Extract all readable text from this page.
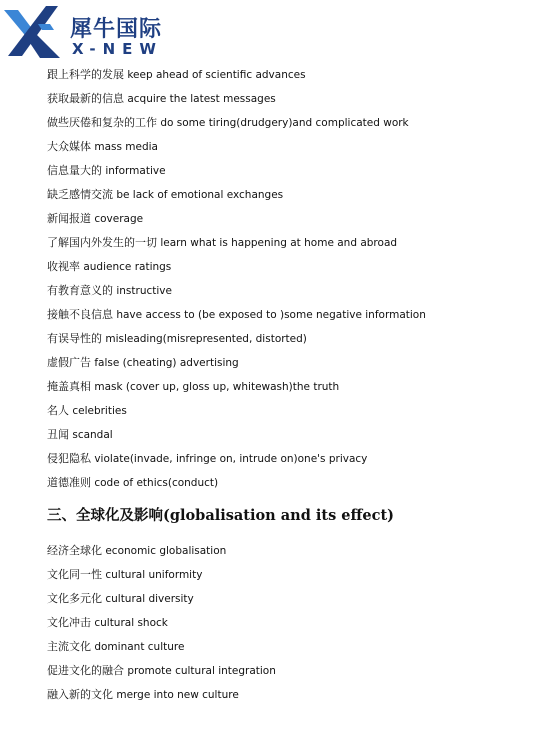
犀牛国际
X-NEW
跟上科学的发展 keep ahead of scientific advances
获取最新的信息 acquire the latest messages
做些厌倦和复杂的工作 do some tiring(drudgery)and complicated work
大众媒体 mass media
信息量大的 informative
缺乏感情交流 be lack of emotional exchanges
新闻报道 coverage
了解国内外发生的一切 learn what is happening at home and abroad
收视率 audience ratings
有教育意义的 instructive
接触不良信息 have access to (be exposed to )some negative information
有误导性的 misleading(misrepresented, distorted)
虚假广告 false (cheating) advertising
掩盖真相 mask (cover up, gloss up, whitewash)the truth
名人 celebrities
丑闻 scandal
侵犯隐私 violate(invade, infringe on, intrude on)one's privacy
道德准则 code of ethics(conduct)
三、全球化及影响(globalisation and its effect)
经济全球化 economic globalisation
文化同一性 cultural uniformity
文化多元化 cultural diversity
文化冲击 cultural shock
主流文化 dominant culture
促进文化的融合 promote cultural integration
融入新的文化 merge into new culture
